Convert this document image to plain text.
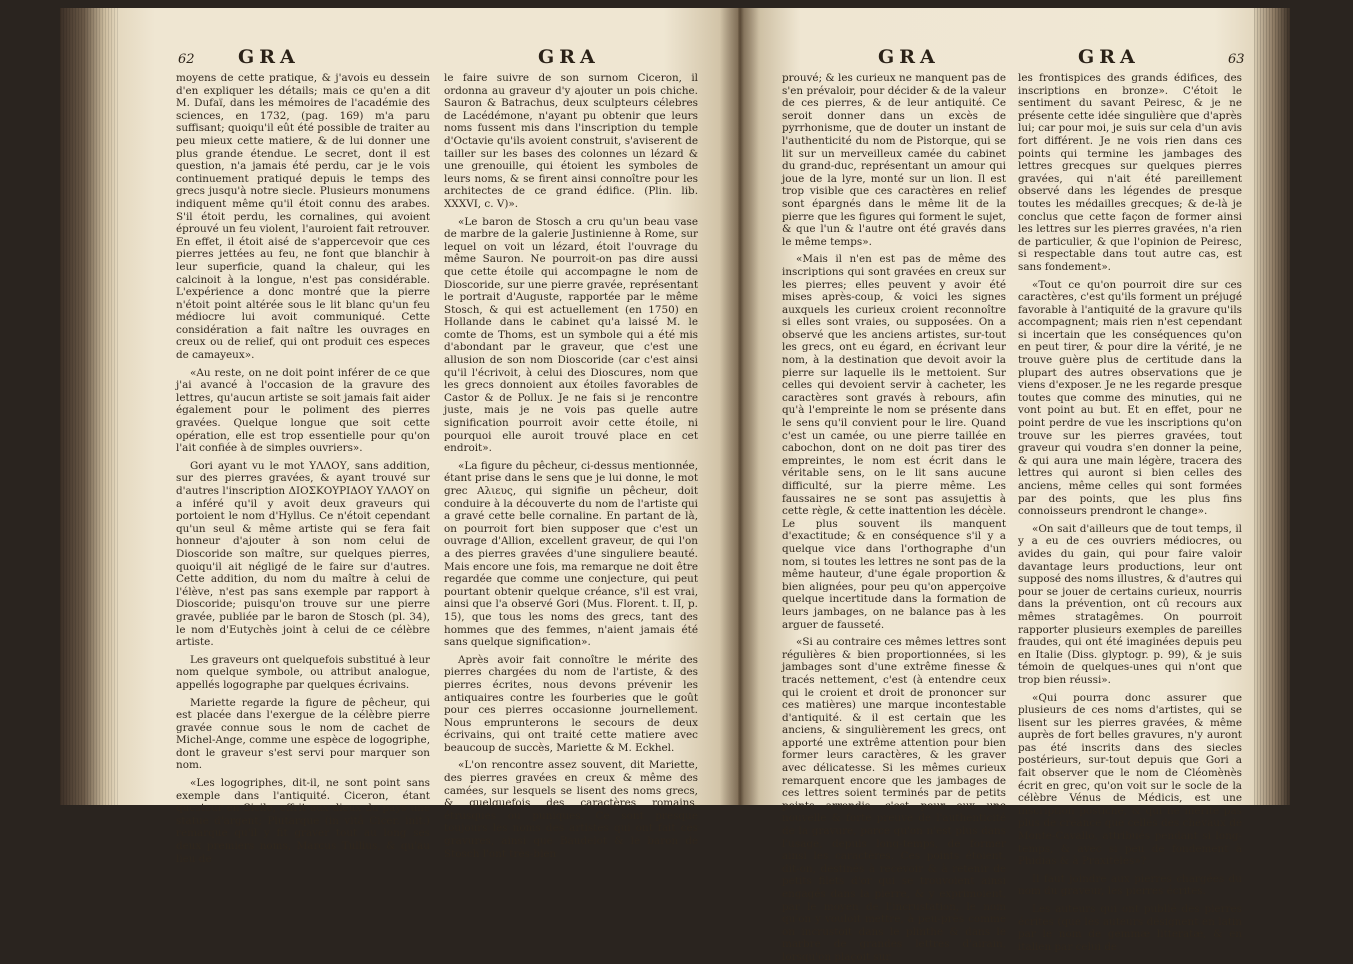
62 GRA	GRA

moyens de cette pratique, & j'avois eu dessein d'en expliquer les détails; mais ce qu'en a dit M. Dufaï, dans les mémoires de l'académie des sciences, en 1732, (pag. 169) m'a paru suffisant; quoiqu'il eût été possible de traiter au peu mieux cette matiere, & de lui donner une plus grande étendue. Le secret, dont il est question, n'a jamais été perdu, car je le vois continuement pratiqué depuis le temps des grecs jusqu'à notre siecle. Plusieurs monumens indiquent même qu'il étoit connu des arabes. S'il étoit perdu, les cornalines, qui avoient éprouvé un feu violent, l'auroient fait retrouver. En effet, il étoit aisé de s'appercevoir que ces pierres jettées au feu, ne font que blanchir à leur superficie, quand la chaleur, qui les calcinoit à la longue, n'est pas considérable. L'expérience a donc montré que la pierre n'étoit point altérée sous le lit blanc qu'un feu médiocre lui avoit communiqué. Cette considération a fait naître les ouvrages en creux ou de relief, qui ont produit ces especes de camayeux».

«Au reste, on ne doit point inférer de ce que j'ai avancé à l'occasion de la gravure des lettres, qu'aucun artiste se soit jamais fait aider également pour le poliment des pierres gravées. Quelque longue que soit cette opération, elle est trop essentielle pour qu'on l'ait confiée à de simples ouvriers».

Gori ayant vu le mot ΥΛΛΟΥ, sans addition, sur des pierres gravées, & ayant trouvé sur d'autres l'inscription ΔΙΟΣΚΟΥΡΙΔΟΥ ΥΛΛΟΥ on a inféré qu'il y avoit deux graveurs qui portoient le nom d'Hyllus. Ce n'étoit cependant qu'un seul & même artiste qui se fera fait honneur d'ajouter à son nom celui de Dioscoride son maître, sur quelques pierres, quoiqu'il ait négligé de le faire sur d'autres. Cette addition, du nom du maître à celui de l'élève, n'est pas sans exemple par rapport à Dioscoride; puisqu'on trouve sur une pierre gravée, publiée par le baron de Stosch (pl. 34), le nom d'Eutychès joint à celui de ce célèbre artiste.

Les graveurs ont quelquefois substitué à leur nom quelque symbole, ou attribut analogue, appellés logographe par quelques écrivains.

Mariette regarde la figure de pêcheur, qui est placée dans l'exergue de la célèbre pierre gravée connue sous le nom de cachet de Michel-Ange, comme une espèce de logogriphe, dont le graveur s'est servi pour marquer son nom.

«Les logogriphes, dit-il, ne sont point sans exemple dans l'antiquité. Ciceron, étant questeur en Sicile, offrit aux dieux du pays une statue d'argent; Plutarque (in vitâ Cicer. init.) remarque qu'il y fit graver tout au long ses deux premiers noms, Marcus Tullius, & qu'au lieu de

le faire suivre de son surnom Ciceron, il ordonna au graveur d'y ajouter un pois chiche. Sauron & Batrachus, deux sculpteurs célebres de Lacédémone, n'ayant pu obtenir que leurs noms fussent mis dans l'inscription du temple d'Octavie qu'ils avoient construit, s'aviserent de tailler sur les bases des colonnes un lézard & une grenouille, qui étoient les symboles de leurs noms, & se firent ainsi connoître pour les architectes de ce grand édifice. (Plin. lib. XXXVI, c. V)».

«Le baron de Stosch a cru qu'un beau vase de marbre de la galerie Justinienne à Rome, sur lequel on voit un lézard, étoit l'ouvrage du même Sauron. Ne pourroit-on pas dire aussi que cette étoile qui accompagne le nom de Dioscoride, sur une pierre gravée, représentant le portrait d'Auguste, rapportée par le même Stosch, & qui est actuellement (en 1750) en Hollande dans le cabinet qu'a laissé M. le comte de Thoms, est un symbole qui a été mis d'abondant par le graveur, que c'est une allusion de son nom Dioscoride (car c'est ainsi qu'il l'écrivoit, à celui des Dioscures, nom que les grecs donnoient aux étoiles favorables de Castor & de Pollux. Je ne fais si je rencontre juste, mais je ne vois pas quelle autre signification pourroit avoir cette étoile, ni pourquoi elle auroit trouvé place en cet endroit».

«La figure du pêcheur, ci-dessus mentionnée, étant prise dans le sens que je lui donne, le mot grec Αλιευς, qui signifie un pêcheur, doit conduire à la découverte du nom de l'artiste qui a gravé cette belle cornaline. En partant de là, on pourroit fort bien supposer que c'est un ouvrage d'Allion, excellent graveur, de qui l'on a des pierres gravées d'une singuliere beauté. Mais encore une fois, ma remarque ne doit être regardée que comme une conjecture, qui peut pourtant obtenir quelque créance, s'il est vrai, ainsi que l'a observé Gori (Mus. Florent. t. II, p. 15), que tous les noms des grecs, tant des hommes que des femmes, n'aient jamais été sans quelque signification».

Après avoir fait connoître le mérite des pierres chargées du nom de l'artiste, & des pierres écrites, nous devons prévenir les antiquaires contre les fourberies que le goût pour ces pierres occasionne journellement. Nous emprunterons le secours de deux écrivains, qui ont traité cette matiere avec beaucoup de succès, Mariette & M. Eckhel.

«L'on rencontre assez souvent, dit Mariette, des pierres gravées en creux & même des camées, sur lesquels se lisent des noms grecs, & quelquefois des caractères romains, étrusques ou puniques. Ce sont presque toujours les noms des artistes qui ont fait ces gravures, ainsi que Baudelot & le baron de Stosch l'ont très-bien

GRA	GRA	63

prouvé; & les curieux ne manquent pas de s'en prévaloir, pour décider & de la valeur de ces pierres, & de leur antiquité. Ce seroit donner dans un excès de pyrrhonisme, que de douter un instant de l'authenticité du nom de Pistorque, qui se lit sur un merveilleux camée du cabinet du grand-duc, représentant un amour qui joue de la lyre, monté sur un lion. Il est trop visible que ces caractères en relief sont épargnés dans le même lit de la pierre que les figures qui forment le sujet, & que l'un & l'autre ont été gravés dans le même temps».

«Mais il n'en est pas de même des inscriptions qui sont gravées en creux sur les pierres; elles peuvent y avoir été mises après-coup, & voici les signes auxquels les curieux croient reconnoître si elles sont vraies, ou supposées. On a observé que les anciens artistes, sur-tout les grecs, ont eu égard, en écrivant leur nom, à la destination que devoit avoir la pierre sur laquelle ils le mettoient. Sur celles qui devoient servir à cacheter, les caractères sont gravés à rebours, afin qu'à l'empreinte le nom se présente dans le sens qu'il convient pour le lire. Quand c'est un camée, ou une pierre taillée en cabochon, dont on ne doit pas tirer des empreintes, le nom est écrit dans le véritable sens, on le lit sans aucune difficulté, sur la pierre même. Les faussaires ne se sont pas assujettis à cette règle, & cette inattention les décèle. Le plus souvent ils manquent d'exactitude; & en conséquence s'il y a quelque vice dans l'orthographe d'un nom, si toutes les lettres ne sont pas de la même hauteur, d'une égale proportion & bien alignées, pour peu qu'on apperçoive quelque incertitude dans la formation de leurs jambages, on ne balance pas à les arguer de fausseté.

«Si au contraire ces mêmes lettres sont régulières & bien proportionnées, si les jambages sont d'une extrême finesse & tracés nettement, c'est (à entendre ceux qui le croient et droit de prononcer sur ces matières) une marque incontestable d'antiquité. & il est certain que les anciens, & singulièrement les grecs, ont apporté une extrême attention pour bien former leurs caractères, & les graver avec délicatesse. Si les mêmes curieux remarquent encore que les jambages de ces lettres soient terminés par de petits points arrondis, c'est pour eux une nouvelle & forte preuve de l'authenticité de la gravure, parce qu'on n'est plus dans l'usage, depuis long-temps, de former ainsi les caractères. Ces points étoient, dit-on, destinés à recevoir & à retenir de petits filets d'or qui se trouvoient ainsi engagés dans la pierre, & y exprimoient, par le moyen de l'incrustation, le nom qu'on y vouloit mettre, à peu-près comme on incrustoit dans le plinthe & dans le marbre de grandes lettres d'airain, lorsqu'on plaçoit sur

les frontispices des grands édifices, des inscriptions en bronze». C'étoit le sentiment du savant Peiresc, & je ne présente cette idée singulière que d'après lui; car pour moi, je suis sur cela d'un avis fort différent. Je ne vois rien dans ces points qui termine les jambages des lettres grecques sur quelques pierres gravées, qui n'ait été pareillement observé dans les légendes de presque toutes les médailles grecques; & de-là je conclus que cette façon de former ainsi les lettres sur les pierres gravées, n'a rien de particulier, & que l'opinion de Peiresc, si respectable dans tout autre cas, est sans fondement».

«Tout ce qu'on pourroit dire sur ces caractères, c'est qu'ils forment un préjugé favorable à l'antiquité de la gravure qu'ils accompagnent; mais rien n'est cependant si incertain que les conséquences qu'on en peut tirer, & pour dire la vérité, je ne trouve guère plus de certitude dans la plupart des autres observations que je viens d'exposer. Je ne les regarde presque toutes que comme des minuties, qui ne vont point au but. Et en effet, pour ne point perdre de vue les inscriptions qu'on trouve sur les pierres gravées, tout graveur qui voudra s'en donner la peine, & qui aura une main légère, tracera des lettres qui auront si bien celles des anciens, même celles qui sont formées par des points, que les plus fins connoisseurs prendront le change».

«On sait d'ailleurs que de tout temps, il y a eu de ces ouvriers médiocres, ou avides du gain, qui pour faire valoir davantage leurs productions, leur ont supposé des noms illustres, & d'autres qui pour se jouer de certains curieux, nourris dans la prévention, ont cû recours aux mêmes stratagêmes. On pourroit rapporter plusieurs exemples de pareilles fraudes, qui ont été imaginées depuis peu en Italie (Diss. glyptogr. p. 99), & je suis témoin de quelques-unes qui n'ont que trop bien réussi».

«Qui pourra donc assurer que plusieurs de ces noms d'artistes, qui se lisent sur les pierres gravées, & même auprès de fort belles gravures, n'y auront pas été inscrits dans des siecles postérieurs, sur-tout depuis que Gori a fait observer que le nom de Cléomènès écrit en grec, qu'on voit sur le socle de la célèbre Vénus de Médicis, est une inscription postiche, & qui ne mérite pas plus de créance que celles des chevaux de Monte-Cavallo, attribués pendant si long-temps, & avec si peu de fondement à Phidias & à Praxitèles»?

Il faut joindre aux pierres chargées du nom du graveur, les pierres écrites.

Les auteurs qui ont publié des pierres écrites (que les auteurs désignent en latin par le nom de gemmæ litteratæ, & en italien par celui de
